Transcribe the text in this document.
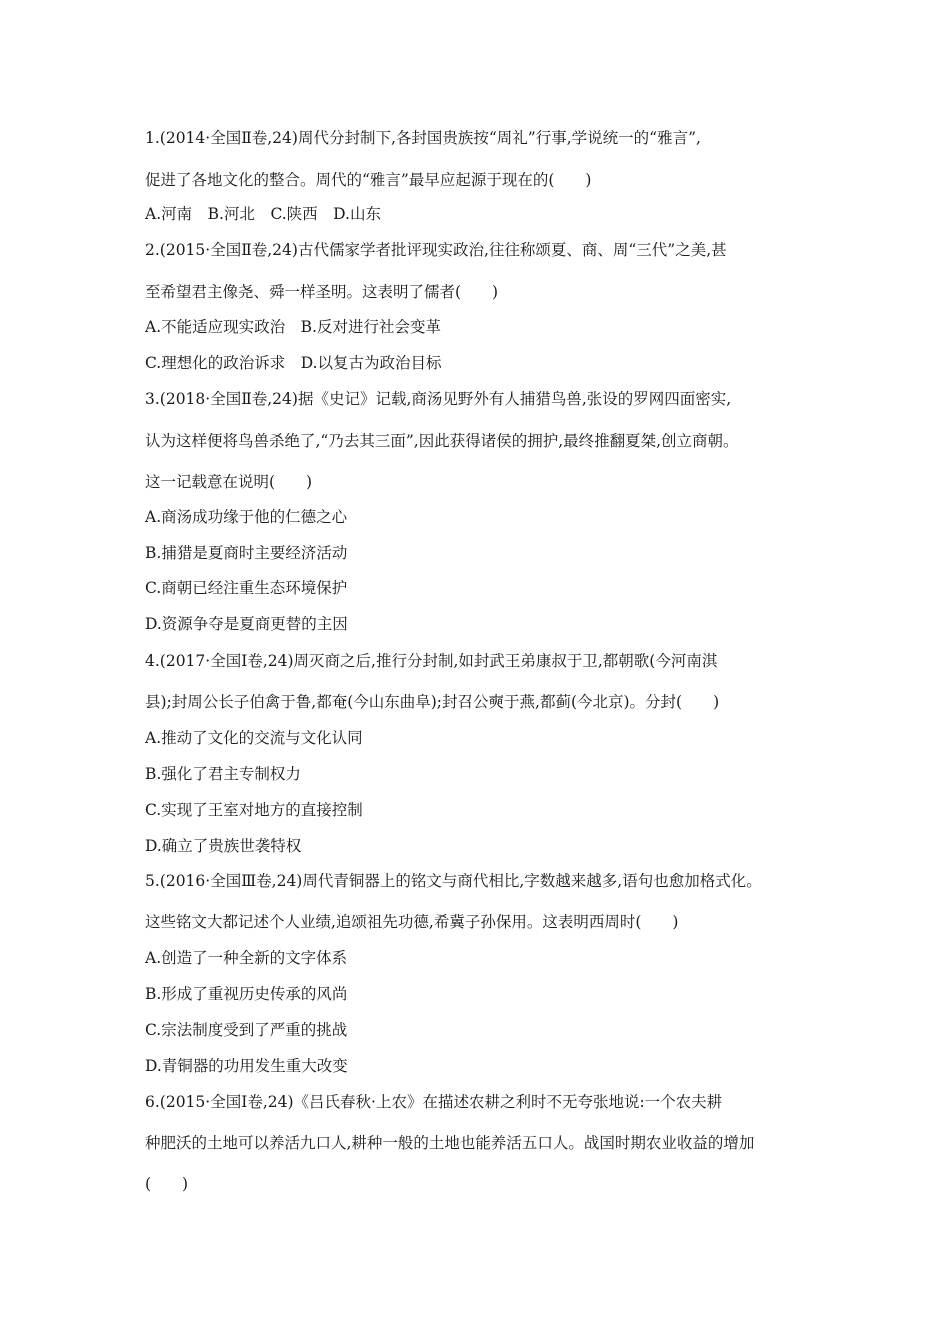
1.(2014·全国Ⅱ卷,24)周代分封制下,各封国贵族按“周礼”行事,学说统一的“雅言”,
促进了各地文化的整合。周代的“雅言”最早应起源于现在的(　　)
A.河南　B.河北　C.陕西　D.山东
2.(2015·全国Ⅱ卷,24)古代儒家学者批评现实政治,往往称颂夏、商、周“三代”之美,甚
至希望君主像尧、舜一样圣明。这表明了儒者(　　)
A.不能适应现实政治　B.反对进行社会变革
C.理想化的政治诉求　D.以复古为政治目标
3.(2018·全国Ⅱ卷,24)据《史记》记载,商汤见野外有人捕猎鸟兽,张设的罗网四面密实,
认为这样便将鸟兽杀绝了,“乃去其三面”,因此获得诸侯的拥护,最终推翻夏桀,创立商朝。
这一记载意在说明(　　)
A.商汤成功缘于他的仁德之心
B.捕猎是夏商时主要经济活动
C.商朝已经注重生态环境保护
D.资源争夺是夏商更替的主因
4.(2017·全国Ⅰ卷,24)周灭商之后,推行分封制,如封武王弟康叔于卫,都朝歌(今河南淇
县);封周公长子伯禽于鲁,都奄(今山东曲阜);封召公奭于燕,都蓟(今北京)。分封(　　)
A.推动了文化的交流与文化认同
B.强化了君主专制权力
C.实现了王室对地方的直接控制
D.确立了贵族世袭特权
5.(2016·全国Ⅲ卷,24)周代青铜器上的铭文与商代相比,字数越来越多,语句也愈加格式化。
这些铭文大都记述个人业绩,追颂祖先功德,希冀子孙保用。这表明西周时(　　)
A.创造了一种全新的文字体系
B.形成了重视历史传承的风尚
C.宗法制度受到了严重的挑战
D.青铜器的功用发生重大改变
6.(2015·全国Ⅰ卷,24)《吕氏春秋·上农》在描述农耕之利时不无夸张地说:一个农夫耕
种肥沃的土地可以养活九口人,耕种一般的土地也能养活五口人。战国时期农业收益的增加
(　　)
